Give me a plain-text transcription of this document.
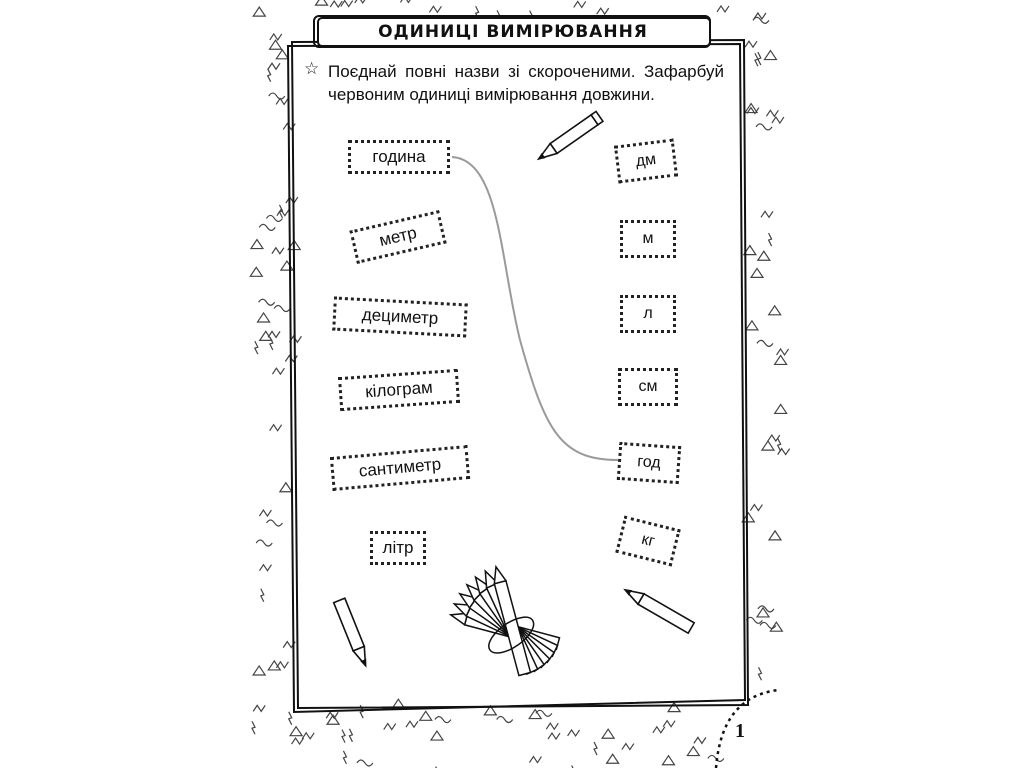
ОДИНИЦІ ВИМІРЮВАННЯ
☆ Поєднай повні назви зі скороченими. Зафарбуй червоним одиниці вимірювання довжини.
година
метр
дециметр
кілограм
сантиметр
літр
дм
м
л
см
год
кг
1
